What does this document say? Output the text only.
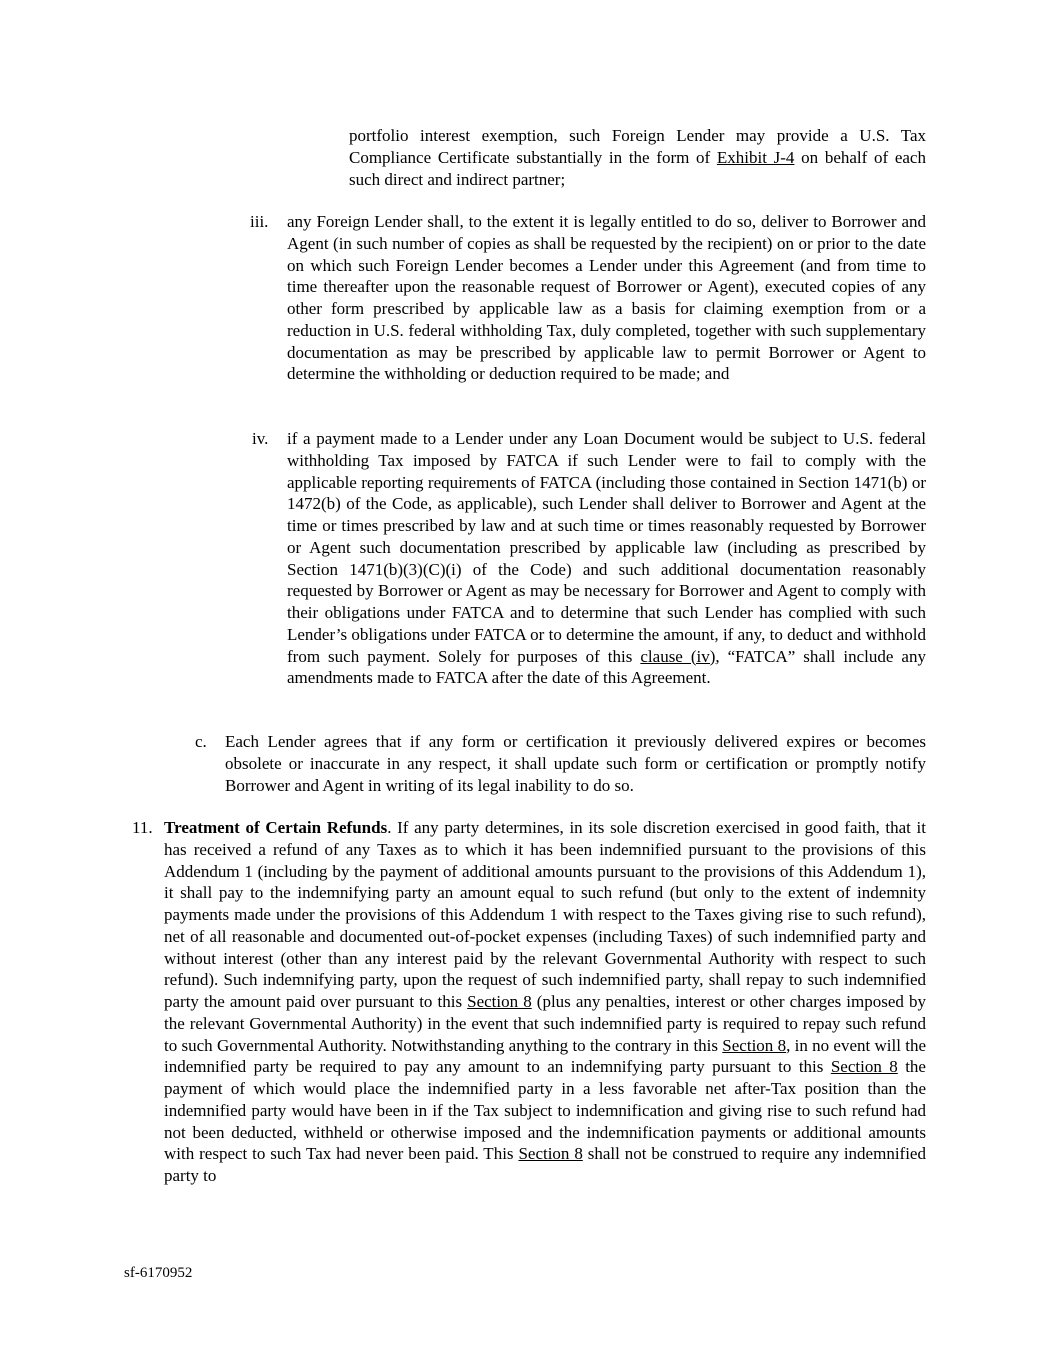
portfolio interest exemption, such Foreign Lender may provide a U.S. Tax Compliance Certificate substantially in the form of Exhibit J-4 on behalf of each such direct and indirect partner;

iii. any Foreign Lender shall, to the extent it is legally entitled to do so, deliver to Borrower and Agent (in such number of copies as shall be requested by the recipient) on or prior to the date on which such Foreign Lender becomes a Lender under this Agreement (and from time to time thereafter upon the reasonable request of Borrower or Agent), executed copies of any other form prescribed by applicable law as a basis for claiming exemption from or a reduction in U.S. federal withholding Tax, duly completed, together with such supplementary documentation as may be prescribed by applicable law to permit Borrower or Agent to determine the withholding or deduction required to be made; and

iv. if a payment made to a Lender under any Loan Document would be subject to U.S. federal withholding Tax imposed by FATCA if such Lender were to fail to comply with the applicable reporting requirements of FATCA (including those contained in Section 1471(b) or 1472(b) of the Code, as applicable), such Lender shall deliver to Borrower and Agent at the time or times prescribed by law and at such time or times reasonably requested by Borrower or Agent such documentation prescribed by applicable law (including as prescribed by Section 1471(b)(3)(C)(i) of the Code) and such additional documentation reasonably requested by Borrower or Agent as may be necessary for Borrower and Agent to comply with their obligations under FATCA and to determine that such Lender has complied with such Lender’s obligations under FATCA or to determine the amount, if any, to deduct and withhold from such payment. Solely for purposes of this clause (iv), “FATCA” shall include any amendments made to FATCA after the date of this Agreement.

c. Each Lender agrees that if any form or certification it previously delivered expires or becomes obsolete or inaccurate in any respect, it shall update such form or certification or promptly notify Borrower and Agent in writing of its legal inability to do so.

11. Treatment of Certain Refunds. If any party determines, in its sole discretion exercised in good faith, that it has received a refund of any Taxes as to which it has been indemnified pursuant to the provisions of this Addendum 1 (including by the payment of additional amounts pursuant to the provisions of this Addendum 1), it shall pay to the indemnifying party an amount equal to such refund (but only to the extent of indemnity payments made under the provisions of this Addendum 1 with respect to the Taxes giving rise to such refund), net of all reasonable and documented out-of-pocket expenses (including Taxes) of such indemnified party and without interest (other than any interest paid by the relevant Governmental Authority with respect to such refund). Such indemnifying party, upon the request of such indemnified party, shall repay to such indemnified party the amount paid over pursuant to this Section 8 (plus any penalties, interest or other charges imposed by the relevant Governmental Authority) in the event that such indemnified party is required to repay such refund to such Governmental Authority. Notwithstanding anything to the contrary in this Section 8, in no event will the indemnified party be required to pay any amount to an indemnifying party pursuant to this Section 8 the payment of which would place the indemnified party in a less favorable net after-Tax position than the indemnified party would have been in if the Tax subject to indemnification and giving rise to such refund had not been deducted, withheld or otherwise imposed and the indemnification payments or additional amounts with respect to such Tax had never been paid. This Section 8 shall not be construed to require any indemnified party to

sf-6170952
